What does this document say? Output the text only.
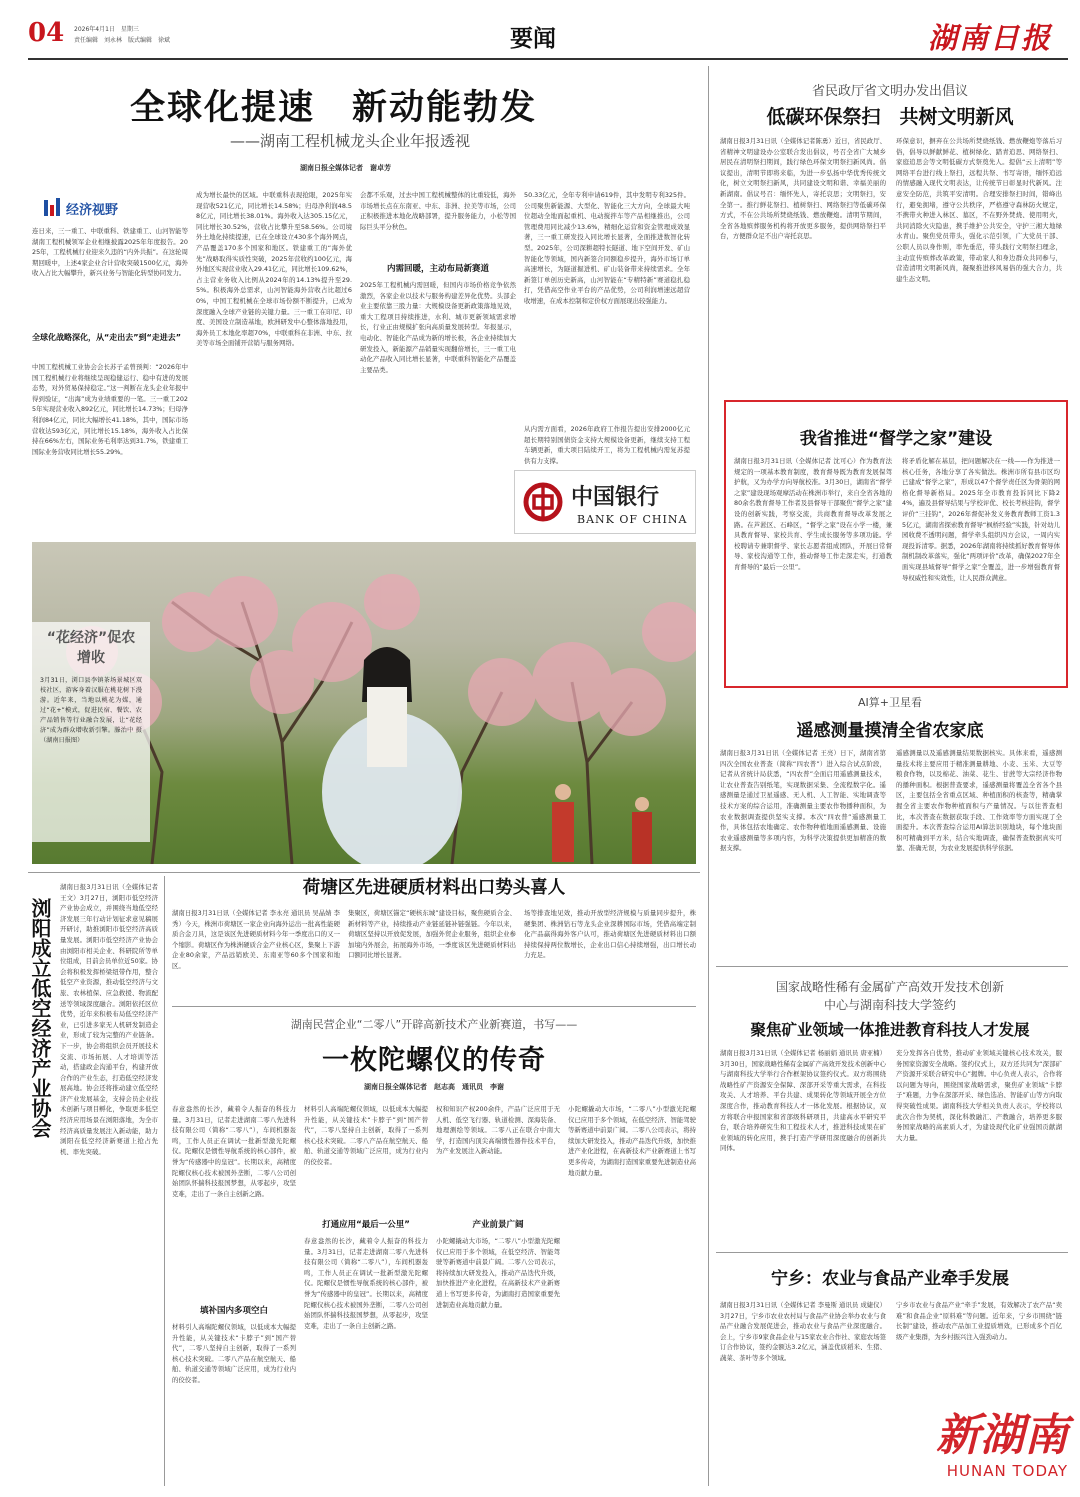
04 2026年4月1日　星期三
责任编辑　刘永林　版式编辑　徐斌	要闻	湖南日报
全球化提速　新动能勃发
——湖南工程机械龙头企业年报透视
湖南日报全媒体记者　谢卓芳
经济视野
连日来，三一重工、中联重科、铁建重工、山河智能等湖南工程机械领军企业相继披露2025年年度报告。2025年，工程机械行业迎来久违的“内外共振”。在这轮周期回暖中，上述4家企业合计营收突破1500亿元，海外收入占比大幅攀升，新兴业务与智能化转型协同发力。
全球化战略深化，从“走出去”到“走进去”
中国工程机械工业协会会长苏子孟曾预判：“2026年中国工程机械行业将继续呈现稳健运行、稳中有进的发展态势，对外贸易保持稳定。”这一判断在龙头企业年报中得到验证，“出海”成为业绩重要的一笔。三一重工2025年实现营业收入892亿元，同比增长14.73%；归母净利润84亿元，同比大幅增长41.18%，其中，国际市场营收达593亿元，同比增长15.18%，海外收入占比保持在66%左右，国际业务毛利率达到31.7%，铁建重工国际业务营收同比增长55.29%。
成为增长最快的区域。中联重科表现抢眼，2025年实现营收521亿元，同比增长14.58%；归母净利润48.58亿元，同比增长38.01%。海外收入达305.15亿元，同比增长30.52%，营收占比攀升至58.56%。公司境外土地化持续提速，已在全球设立430多个海外网点，产品覆盖170多个国家和地区。铁建重工的“海外优先”战略取得实质性突破，2025年营收约100亿元，海外地区实现营业收入29.41亿元，同比增长109.62%，占主营业务收入比例从2024年的14.13%提升至29.5%。积极海外总需求，山河智能海外营收占比超过60%，中国工程机械在全球市场份额不断提升，已成为深度融入全球产业链的关键力量。三一重工在印尼、印度、美国设立制造基地，欧洲研发中心整体落地投用，海外员工本地化率超70%，中联重科在非洲、中东、拉美等市场全面铺开营销与服务网络。
会都不乐观，过去中国工程机械整体的比重较低，海外市场增长点在东南亚、中东、非洲、拉美等市场，公司正积极推进本地化战略部署，提升服务能力，小松等国际巨头平分秋色。
内需回暖，主动布局新赛道
2025年工程机械内需回暖，但国内市场价格竞争依然激烈，各家企业以技术与服务构建差异化优势。头部企业主要依靠三股力量：大规模设备更新政策落地见效，重大工程项目持续推进，水利、城市更新领域需求增长，行业正由规模扩张向高质量发展转型。年报显示，电动化、智能化产品成为新的增长极，各企业持续加大研发投入，新能源产品销量实现翻倍增长，三一重工电动化产品收入同比增长显著，中联重科智能化产品覆盖主要品类。
50.33亿元，全年专利申请619件，其中发明专利325件。公司聚焦新能源、大型化、智能化三大方向，全球最大吨位超动全地面起重机、电动搅拌车等产品相继推出，公司管理费用同比减少13.6%，精细化运营和资金管理成效显著，三一重工研发投入同比增长显著，全面推进数智化转型。2025年，公司深耕超特长隧道、地下空间开发、矿山智能化等领域，国内新签合同额稳步提升，海外市场订单高速增长，为隧道掘进机、矿山装备带来持续需求。全年新签订单创历史新高，山河智能在“专精特新”赛道稳扎稳打，凭借高空作业平台的产品优势，公司利润增速远超营收增速，在成本控制和定价权方面展现出较强能力。
从内需方面看，2026年政府工作报告提出安排2000亿元超长期特别国债资金支持大规模设备更新，继续支持工程车辆更新，重大项目陆续开工，将为工程机械内需复苏提供有力支撑。
中国银行
BANK OF CHINA
“花经济”促农增收
3月31日，浏口县李镇茶场景城区双枝社区，游客身着汉服在桃花树下漫游。近年来，当地以桃花为媒，通过“花+”模式，促进民宿、餐饮、农产品销售等行业融合发展，让“花经济”成为群众增收新引擎。滕治中 摄（湖南日报图）
省民政厅省文明办发出倡议
低碳环保祭扫　共树文明新风
湖南日报3月31日讯（全媒体记者陈勇）近日，省民政厅、省精神文明建设办公室联合发出倡议，号召全省广大城乡居民在清明祭扫期间，践行绿色环保文明祭扫新风尚。倡议提出，清明节即将来临，为进一步弘扬中华优秀传统文化，树立文明祭扫新风，共同建设文明和谐、幸福美丽的新湖南。倡议号召：缅怀先人，寄托哀思；文明祭扫，安全第一。推行鲜花祭扫、植树祭扫、网络祭扫等低碳环保方式，不在公共场所焚烧纸钱、燃放鞭炮。清明节期间，全省各地殡葬服务机构将开放更多服务，提供网络祭扫平台，方便群众足不出户寄托哀思。
环保意识，摒弃在公共场所焚烧纸钱、燃放鞭炮等落后习俗，倡导以鲜献鲜花、植树绿化、踏青追思、网络祭扫、家庭追思会等文明低碳方式祭奠先人。提倡“云上清明”等网络平台进行线上祭扫，远程共祭、书写寄语，缅怀追远的情感融入现代文明表达，让传统节日彰显时代新风。注意安全防范，共筑平安清明。合理安排祭扫时间，错峰出行，避免拥堵，遵守公共秩序，严格遵守森林防火规定，不携带火种进入林区、墓区，不在野外焚烧、使用明火，共同消除火灾隐患，携手维护公共安全，守护三湘大地绿水青山。聚焦党员带头，强化示范引领，广大党员干部、公职人员以身作则，率先垂范，带头践行文明祭扫理念，主动宣传殡葬改革政策，带动家人和身边群众共同参与，营造清明文明新风尚，凝聚推进移风易俗的强大合力，共建生态文明。
我省推进“督学之家”建设
湖南日报3月31日讯（全媒体记者 沈可心）作为教育法规定的一项基本教育制度，教育督导既为教育发展保驾护航，又为办学方向导航校准。3月30日，湖南省“督学之家”建设现场观摩活动在株洲市举行，来自全省各地的80余名教育督导工作者及县督导干部聚焦“督学之家”建设的创新实践，考察交流，共商教育督导改革发展之路。在芦淞区、石峰区，“督学之家”设在小学一楼，兼具教育督导、家校共育、学生成长服务等多项功能。学校聘请专兼职督学、家长志愿者组成团队，开展日常督导、家校沟通等工作，推动督导工作走深走实，打通教育督导的“最后一公里”。
将矛盾化解在基层，把问题解决在一线——作为推进一核心任务，各地分享了各实做法。株洲市所有县市区均已建成“督学之家”，形成以47个督学责任区为骨架的网格化督导新格局。2025年全市教育投诉同比下降24%，遍及县督导结果与学校评优、校长考核挂钩，督学评价“三挂钩”，2026年督促补发义务教育教师工资1.35亿元，湖南省探索教育督导“枫桥经验”实践，针对幼儿园收费不透明问题，督学牵头组织四方会议，一周内实现投诉清零。据悉，2026年湖南将持续抓好教育督导体制机制改革落实，强化“两项评价”改革，确保2027年全面实现县域督导“督学之家”全覆盖，进一步增强教育督导权威性和实效性，让人民群众满意。
AI算+卫星看
遥感测量摸清全省农家底
湖南日报3月31日讯（全媒体记者 王亮）日下，湖南省第四次全国农业普查（简称“四农普”）进入综合试点阶段，记者从省统计局获悉，“四农普”全面启用遥感测量技术，让农业普查告别纸笔，实现数据采集、全流程数字化。遥感测量是通过卫星遥感、无人机、人工智能、实地调查等技术方案的综合运用，准确测量主要农作物播种面积，为农业数据调查提供坚实支撑。本次“四农普”遥感测量工作，具体包括农地确定、农作物种植地面遥感测量、设施农业遥感测量等多项内容，为科学决策提供更加精准的数据支撑。
遥感测量以及遥感测量结果数据核实。具体来看，遥感测量技术将主要应用于精准测量耕地、小麦、玉米、大豆等粮食作物，以及棉花、油菜、花生、甘蔗等大宗经济作物的播种面积。根据普查要求，遥感测量将覆盖全省各个县区，主要包括全省重点区域、种植面积的核查等，精确掌握全省主要农作物种植面积与产量情况。与以往普查相比，本次普查在数据获取手段、工作效率等方面实现了全面提升。本次普查综合运用AI算法识别地块，每个地块面积可精确到平方米，结合实地调查，确保普查数据真实可靠、准确无误，为农业发展提供科学依据。
国家战略性稀有金属矿产高效开发技术创新
中心与湖南科技大学签约
聚焦矿业领域一体推进教育科技人才发展
湖南日报3月31日讯（全媒体记者 杨丽娟 通讯员 唐亚楠）3月30日，国家战略性稀有金属矿产高效开发技术创新中心与湖南科技大学举行合作框架协议签约仪式。双方将围绕战略性矿产资源安全保障、深部开采等重大需求，在科技攻关、人才培养、平台共建、成果转化等领域开展全方位深度合作，推动教育科技人才一体化发展。根据协议，双方将联合申报国家和省部级科研项目，共建高水平研究平台，联合培养研究生和工程技术人才，推进科技成果在矿业领域的转化应用，携手打造产学研用深度融合的创新共同体。
充分发挥各自优势，推动矿业领域关键核心技术攻关，服务国家资源安全战略。签约仪式上，双方还共同为“深部矿产资源开采联合研究中心”揭牌。中心负责人表示，合作将以问题为导向，围绕国家战略需求，聚焦矿业领域“卡脖子”难题，力争在深部开采、绿色选冶、智能矿山等方向取得突破性成果。湖南科技大学相关负责人表示，学校将以此次合作为契机，深化科教融汇、产教融合，培养更多服务国家战略的高素质人才，为建设现代化矿业强国贡献湖大力量。
宁乡：农业与食品产业牵手发展
湖南日报3月31日讯（全媒体记者 李曼斯 通讯员 成婕仪）3月27日，宁乡市农业农村局与食品产业协会举办农业与食品产业融合发展促进会，推动农业与食品产业深度融合。会上，宁乡市9家食品企业与15家农业合作社、家庭农场签订合作协议，签约金额达3.2亿元，涵盖优质稻米、生猪、蔬菜、茶叶等多个领域。
宁乡市农业与食品产业“牵手”发展，有效解决了农产品“卖难”和食品企业“原料难”等问题。近年来，宁乡市围绕“链长制”建设，推动农产品加工业提质增效，已形成多个百亿级产业集群，为乡村振兴注入强劲动力。
新湖南
HUNAN TODAY
浏阳成立低空经济产业协会
湖南日报3月31日讯（全媒体记者 王文）3月27日，浏阳市低空经济产业协会成立，并围绕当地低空经济发展三年行动计划征求意见稿展开研讨，助推浏阳市低空经济高质量发展。浏阳市低空经济产业协会由浏阳市相关企业、科研院所等单位组成，目前会员单位近50家。协会将积极发挥桥梁纽带作用，整合低空产业资源，推动低空经济与文旅、农林植保、应急救援、物流配送等领域深度融合。浏阳依托区位优势，近年来积极布局低空经济产业，已引进多家无人机研发制造企业，形成了较为完整的产业链条。下一步，协会将组织会员开展技术交流、市场拓展、人才培训等活动，搭建政企沟通平台，构建开放合作的产业生态，打造低空经济发展高地。协会还将推动建立低空经济产业发展基金，支持会员企业技术创新与项目孵化，争取更多低空经济应用场景在浏阳落地，为全市经济高质量发展注入新动能，助力浏阳在低空经济新赛道上抢占先机、率先突破。
荷塘区先进硬质材料出口势头喜人
湖南日报3月31日讯（全媒体记者 李永亮 通讯员 吴晶婧 李秀）今天，株洲市荷塘区一家企业向海外运出一批高性能硬质合金刀具，这是该区先进硬质材料今年一季度出口的又一个缩影。荷塘区作为株洲硬质合金产业核心区，集聚上下游企业80余家，产品远销欧美、东南亚等60多个国家和地区。
集聚区，荷塘区锚定“硬核东城”建设目标，聚焦硬质合金、新材料等产业，持续推动产业链延链补链强链。今年以来，荷塘区坚持以开放促发展，加强外贸企业服务，组织企业参加境内外展会，拓展海外市场，一季度该区先进硬质材料出口额同比增长显著。
场等排查地见效，推动开放型经济规模与质量同步提升，株硬集团、株洲钻石等龙头企业深耕国际市场，凭借高端定制化产品赢得海外客户认可，推动荷塘区先进硬质材料出口额持续保持两位数增长，企业出口信心持续增强，出口增长动力充足。
湖南民营企业“二零八”开辟高新技术产业新赛道，书写——
一枚陀螺仪的传奇
湖南日报全媒体记者　赵志高　通讯员　李谢
春意盎然的长沙，藏着令人振奋的科技力量。3月31日，记者走进湖南二零八先进科技有限公司（简称“二零八”），车间机器轰鸣，工作人员正在调试一批新型激光陀螺仪。陀螺仪是惯性导航系统的核心部件，被誉为“传感器中的皇冠”。长期以来，高精度陀螺仪核心技术被国外垄断，二零八公司创始团队怀揣科技报国梦想，从零起步，攻坚克难，走出了一条自主创新之路。
填补国内多项空白
材料引人高端陀螺仪领域，以低成本大幅提升性能，从关键技术“卡脖子”到“国产替代”，二零八坚持自主创新，取得了一系列核心技术突破。二零八产品在航空航天、船舶、轨道交通等领域广泛应用，成为行业内的佼佼者。
材料引人高端陀螺仪领域，以低成本大幅提升性能，从关键技术“卡脖子”到“国产替代”，二零八坚持自主创新，取得了一系列核心技术突破。二零八产品在航空航天、船舶、轨道交通等领域广泛应用，成为行业内的佼佼者。
打通应用“最后一公里”
春意盎然的长沙，藏着令人振奋的科技力量。3月31日，记者走进湖南二零八先进科技有限公司（简称“二零八”），车间机器轰鸣，工作人员正在调试一批新型激光陀螺仪。陀螺仪是惯性导航系统的核心部件，被誉为“传感器中的皇冠”。长期以来，高精度陀螺仪核心技术被国外垄断，二零八公司创始团队怀揣科技报国梦想，从零起步，攻坚克难，走出了一条自主创新之路。
权和知识产权200余件，产品广泛应用于无人机、低空飞行器、轨道检测、深海装备、地理测绘等领域。二零八正在联合中南大学，打造国内顶尖高端惯性器件技术平台，为产业发展注入新动能。
产业前景广阔
小陀螺撬动大市场，“二零八”小型激光陀螺仪已应用于多个领域，在低空经济、智能驾驶等新赛道中前景广阔。二零八公司表示，将持续加大研发投入，推动产品迭代升级，加快推进产业化进程，在高新技术产业新赛道上书写更多传奇，为湖南打造国家重要先进制造业高地贡献力量。
小陀螺撬动大市场，“二零八”小型激光陀螺仪已应用于多个领域，在低空经济、智能驾驶等新赛道中前景广阔。二零八公司表示，将持续加大研发投入，推动产品迭代升级，加快推进产业化进程，在高新技术产业新赛道上书写更多传奇，为湖南打造国家重要先进制造业高地贡献力量。
